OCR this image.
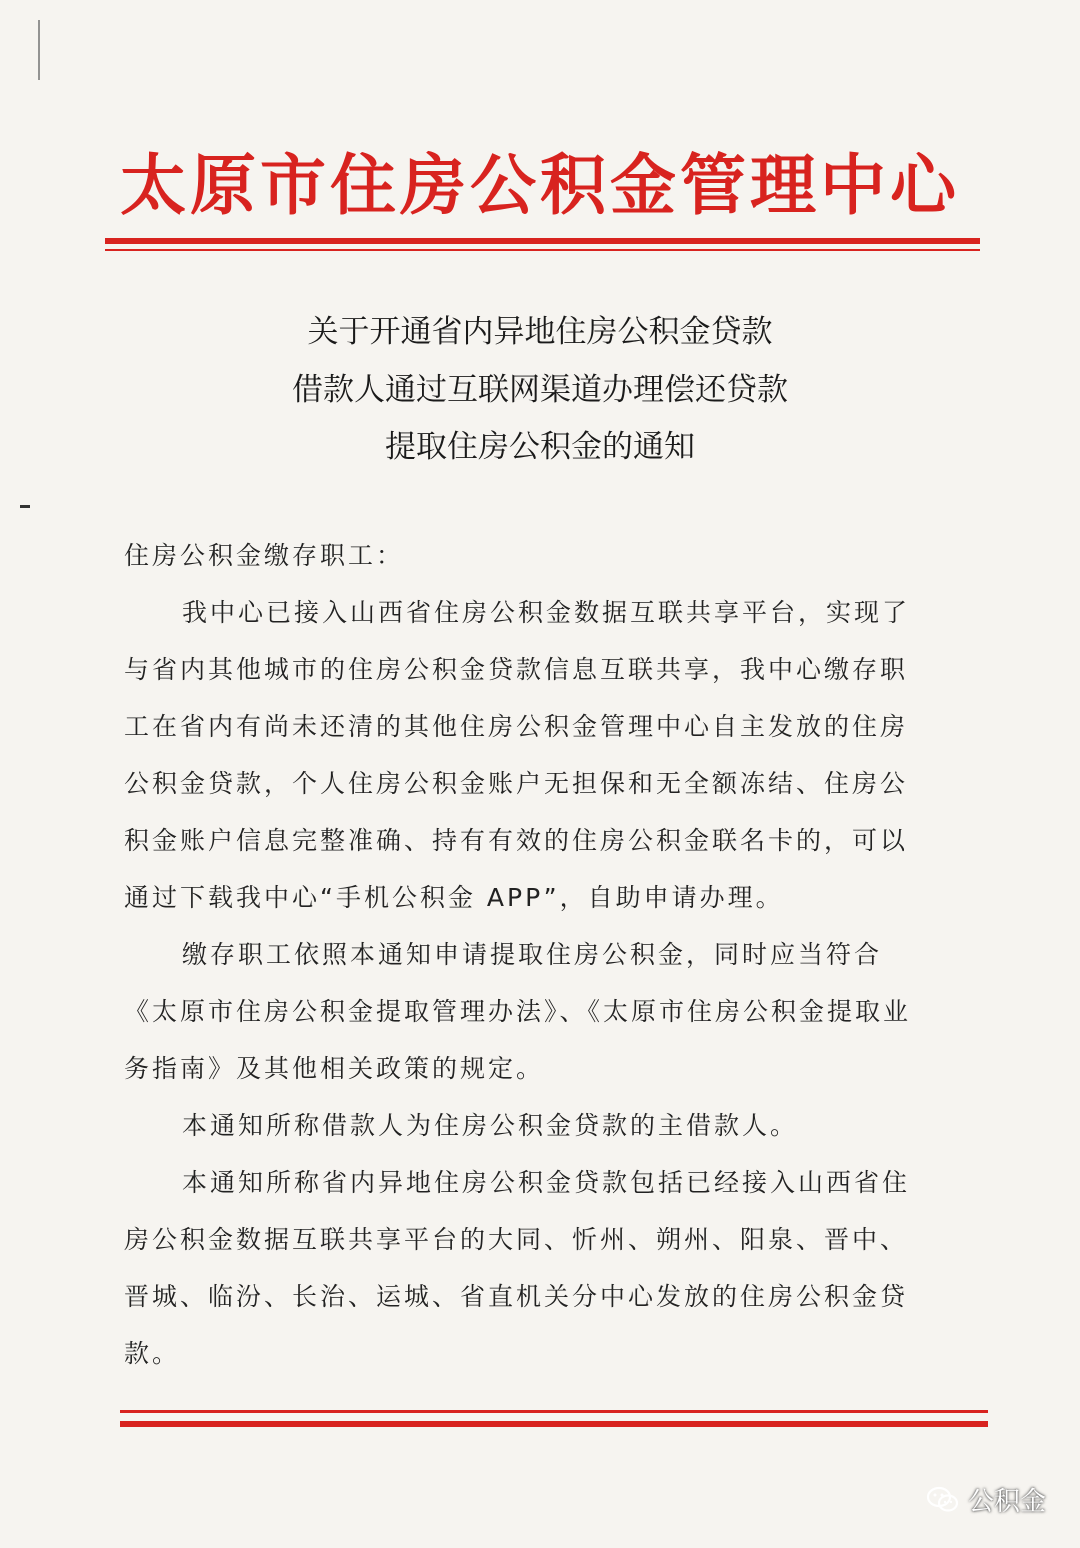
太原市住房公积金管理中心
关于开通省内异地住房公积金贷款
借款人通过互联网渠道办理偿还贷款
提取住房公积金的通知

住房公积金缴存职工：

我中心已接入山西省住房公积金数据互联共享平台，实现了与省内其他城市的住房公积金贷款信息互联共享，我中心缴存职工在省内有尚未还清的其他住房公积金管理中心自主发放的住房公积金贷款，个人住房公积金账户无担保和无全额冻结、住房公积金账户信息完整准确、持有有效的住房公积金联名卡的，可以通过下载我中心“手机公积金 APP”，自助申请办理。

缴存职工依照本通知申请提取住房公积金，同时应当符合《太原市住房公积金提取管理办法》、《太原市住房公积金提取业务指南》及其他相关政策的规定。

本通知所称借款人为住房公积金贷款的主借款人。

本通知所称省内异地住房公积金贷款包括已经接入山西省住房公积金数据互联共享平台的大同、忻州、朔州、阳泉、晋中、晋城、临汾、长治、运城、省直机关分中心发放的住房公积金贷款。

公积金
